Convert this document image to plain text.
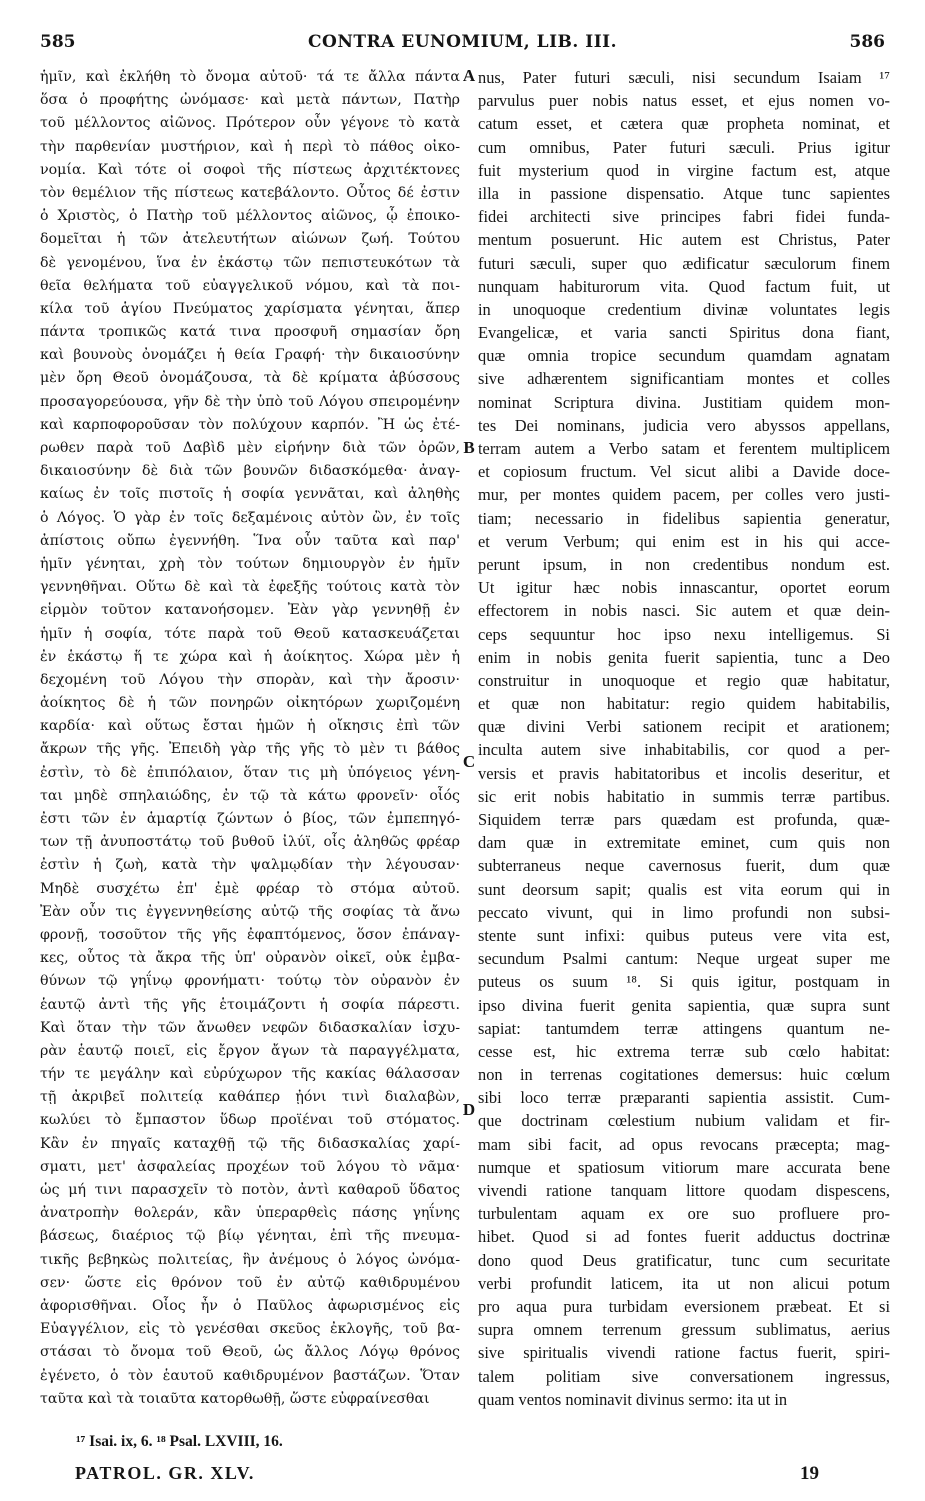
585	CONTRA EUNOMIUM, LIB. III.	586
ἡμῖν, καὶ ἐκλήθη τὸ ὄνομα αὐτοῦ· τά τε ἄλλα πάντα
ὅσα ὁ προφήτης ὠνόμασε· καὶ μετὰ πάντων, Πατὴρ
τοῦ μέλλοντος αἰῶνος. Πρότερον οὖν γέγονε τὸ κατὰ
τὴν παρθενίαν μυστήριον, καὶ ἡ περὶ τὸ πάθος οἰκο-
νομία. Καὶ τότε οἱ σοφοὶ τῆς πίστεως ἀρχιτέκτονες
τὸν θεμέλιον τῆς πίστεως κατεβάλοντο. Οὗτος δέ ἐστιν
ὁ Χριστὸς, ὁ Πατὴρ τοῦ μέλλοντος αἰῶνος, ᾧ ἐποικο-
δομεῖται ἡ τῶν ἀτελευτήτων αἰώνων ζωή. Τούτου
δὲ γενομένου, ἵνα ἐν ἑκάστῳ τῶν πεπιστευκότων τὰ
θεῖα θελήματα τοῦ εὐαγγελικοῦ νόμου, καὶ τὰ ποι-
κίλα τοῦ ἁγίου Πνεύματος χαρίσματα γένηται, ἅπερ
πάντα τροπικῶς κατά τινα προσφυῆ σημασίαν ὄρη
καὶ βουνοὺς ὀνομάζει ἡ θεία Γραφή· τὴν δικαιοσύνην
μὲν ὄρη Θεοῦ ὀνομάζουσα, τὰ δὲ κρίματα ἀβύσσους
προσαγορεύουσα, γῆν δὲ τὴν ὑπὸ τοῦ Λόγου σπειρομένην
καὶ καρποφοροῦσαν τὸν πολύχουν καρπόν. Ἢ ὡς ἐτέ-
ρωθεν παρὰ τοῦ Δαβὶδ μὲν εἰρήνην διὰ τῶν ὀρῶν,
δικαιοσύνην δὲ διὰ τῶν βουνῶν διδασκόμεθα· ἀναγ-
καίως ἐν τοῖς πιστοῖς ἡ σοφία γεννᾶται, καὶ ἀληθὴς
ὁ Λόγος. Ὁ γὰρ ἐν τοῖς δεξαμένοις αὐτὸν ὢν, ἐν τοῖς
ἀπίστοις οὔπω ἐγεννήθη. Ἵνα οὖν ταῦτα καὶ παρ'
ἡμῖν γένηται, χρὴ τὸν τούτων δημιουργὸν ἐν ἡμῖν
γεννηθῆναι. Οὕτω δὲ καὶ τὰ ἐφεξῆς τούτοις κατὰ τὸν
εἱρμὸν τοῦτον κατανοήσομεν. Ἐὰν γὰρ γεννηθῇ ἐν
ἡμῖν ἡ σοφία, τότε παρὰ τοῦ Θεοῦ κατασκευάζεται
ἐν ἑκάστῳ ἥ τε χώρα καὶ ἡ ἀοίκητος. Χώρα μὲν ἡ
δεχομένη τοῦ Λόγου τὴν σπορὰν, καὶ τὴν ἄροσιν·
ἀοίκητος δὲ ἡ τῶν πονηρῶν οἰκητόρων χωριζομένη
καρδία· καὶ οὕτως ἔσται ἡμῶν ἡ οἴκησις ἐπὶ τῶν
ἄκρων τῆς γῆς. Ἐπειδὴ γὰρ τῆς γῆς τὸ μὲν τι βάθος
ἐστὶν, τὸ δὲ ἐπιπόλαιον, ὅταν τις μὴ ὑπόγειος γένη-
ται μηδὲ σπηλαιώδης, ἐν τῷ τὰ κάτω φρονεῖν· οἷός
ἐστι τῶν ἐν ἁμαρτίᾳ ζώντων ὁ βίος, τῶν ἐμπεπηγό-
των τῇ ἀνυποστάτῳ τοῦ βυθοῦ ἰλύϊ, οἷς ἀληθῶς φρέαρ
ἐστὶν ἡ ζωὴ, κατὰ τὴν ψαλμῳδίαν τὴν λέγουσαν·
Μηδὲ συσχέτω ἐπ' ἐμὲ φρέαρ τὸ στόμα αὐτοῦ.
Ἐὰν οὖν τις ἐγγεννηθείσης αὐτῷ τῆς σοφίας τὰ ἄνω
φρονῇ, τοσοῦτον τῆς γῆς ἐφαπτόμενος, ὅσον ἐπάναγ-
κες, οὗτος τὰ ἄκρα τῆς ὑπ' οὐρανὸν οἰκεῖ, οὐκ ἐμβα-
θύνων τῷ γηΐνῳ φρονήματι· τούτῳ τὸν οὐρανὸν ἐν
ἑαυτῷ ἀντὶ τῆς γῆς ἑτοιμάζοντι ἡ σοφία πάρεστι.
Καὶ ὅταν τὴν τῶν ἄνωθεν νεφῶν διδασκαλίαν ἰσχυ-
ρὰν ἑαυτῷ ποιεῖ, εἰς ἔργον ἄγων τὰ παραγγέλματα,
τήν τε μεγάλην καὶ εὐρύχωρον τῆς κακίας θάλασσαν
τῇ ἀκριβεῖ πολιτείᾳ καθάπερ ᾐόνι τινὶ διαλαβὼν,
κωλύει τὸ ἔμπαστον ὕδωρ προϊέναι τοῦ στόματος.
Κἂν ἐν πηγαῖς καταχθῇ τῷ τῆς διδασκαλίας χαρί-
σματι, μετ' ἀσφαλείας προχέων τοῦ λόγου τὸ νᾶμα·
ὡς μή τινι παρασχεῖν τὸ ποτὸν, ἀντὶ καθαροῦ ὕδατος
ἀνατροπὴν θολεράν, κἂν ὑπεραρθεὶς πάσης γηΐνης
βάσεως, διαέριος τῷ βίῳ γένηται, ἐπὶ τῆς πνευμα-
τικῆς βεβηκὼς πολιτείας, ἣν ἀνέμους ὁ λόγος ὠνόμα-
σεν· ὥστε εἰς θρόνον τοῦ ἐν αὐτῷ καθιδρυμένου
ἀφορισθῆναι. Οἷος ἦν ὁ Παῦλος ἀφωρισμένος εἰς
Εὐαγγέλιον, εἰς τὸ γενέσθαι σκεῦος ἐκλογῆς, τοῦ βα-
στάσαι τὸ ὄνομα τοῦ Θεοῦ, ὡς ἄλλος Λόγῳ θρόνος
ἐγένετο, ὁ τὸν ἑαυτοῦ καθιδρυμένον βαστάζων. Ὅταν
ταῦτα καὶ τὰ τοιαῦτα κατορθωθῇ, ὥστε εὐφραίνεσθαι
A
B
C
D
nus, Pater futuri sæculi, nisi secundum Isaiam ¹⁷
parvulus puer nobis natus esset, et ejus nomen vo-
catum esset, et cætera quæ propheta nominat, et
cum omnibus, Pater futuri sæculi. Prius igitur
fuit mysterium quod in virgine factum est, atque
illa in passione dispensatio. Atque tunc sapientes
fidei architecti sive principes fabri fidei funda-
mentum posuerunt. Hic autem est Christus, Pater
futuri sæculi, super quo ædificatur sæculorum finem
nunquam habiturorum vita. Quod factum fuit, ut
in unoquoque credentium divinæ voluntates legis
Evangelicæ, et varia sancti Spiritus dona fiant,
quæ omnia tropice secundum quamdam agnatam
sive adhærentem significantiam montes et colles
nominat Scriptura divina. Justitiam quidem mon-
tes Dei nominans, judicia vero abyssos appellans,
terram autem a Verbo satam et ferentem multiplicem
et copiosum fructum. Vel sicut alibi a Davide doce-
mur, per montes quidem pacem, per colles vero justi-
tiam; necessario in fidelibus sapientia generatur,
et verum Verbum; qui enim est in his qui acce-
perunt ipsum, in non credentibus nondum est.
Ut igitur hæc nobis innascantur, oportet eorum
effectorem in nobis nasci. Sic autem et quæ dein-
ceps sequuntur hoc ipso nexu intelligemus. Si
enim in nobis genita fuerit sapientia, tunc a Deo
construitur in unoquoque et regio quæ habitatur,
et quæ non habitatur: regio quidem habitabilis,
quæ divini Verbi sationem recipit et arationem;
inculta autem sive inhabitabilis, cor quod a per-
versis et pravis habitatoribus et incolis deseritur, et
sic erit nobis habitatio in summis terræ partibus.
Siquidem terræ pars quædam est profunda, quæ-
dam quæ in extremitate eminet, cum quis non
subterraneus neque cavernosus fuerit, dum quæ
sunt deorsum sapit; qualis est vita eorum qui in
peccato vivunt, qui in limo profundi non subsi-
stente sunt infixi: quibus puteus vere vita est,
secundum Psalmi cantum: Neque urgeat super me
puteus os suum ¹⁸. Si quis igitur, postquam in
ipso divina fuerit genita sapientia, quæ supra sunt
sapiat: tantumdem terræ attingens quantum ne-
cesse est, hic extrema terræ sub cœlo habitat:
non in terrenas cogitationes demersus: huic cœlum
sibi loco terræ præparanti sapientia assistit. Cum-
que doctrinam cœlestium nubium validam et fir-
mam sibi facit, ad opus revocans præcepta; mag-
numque et spatiosum vitiorum mare accurata bene
vivendi ratione tanquam littore quodam dispescens,
turbulentam aquam ex ore suo profluere pro-
hibet. Quod si ad fontes fuerit adductus doctrinæ
dono quod Deus gratificatur, tunc cum securitate
verbi profundit laticem, ita ut non alicui potum
pro aqua pura turbidam eversionem præbeat. Et si
supra omnem terrenum gressum sublimatus, aerius
sive spiritualis vivendi ratione factus fuerit, spiri-
talem politiam sive conversationem ingressus,
quam ventos nominavit divinus sermo: ita ut in
¹⁷ Isai. ix, 6. ¹⁸ Psal. LXVIII, 16.
PATROL. GR. XLV.	19
